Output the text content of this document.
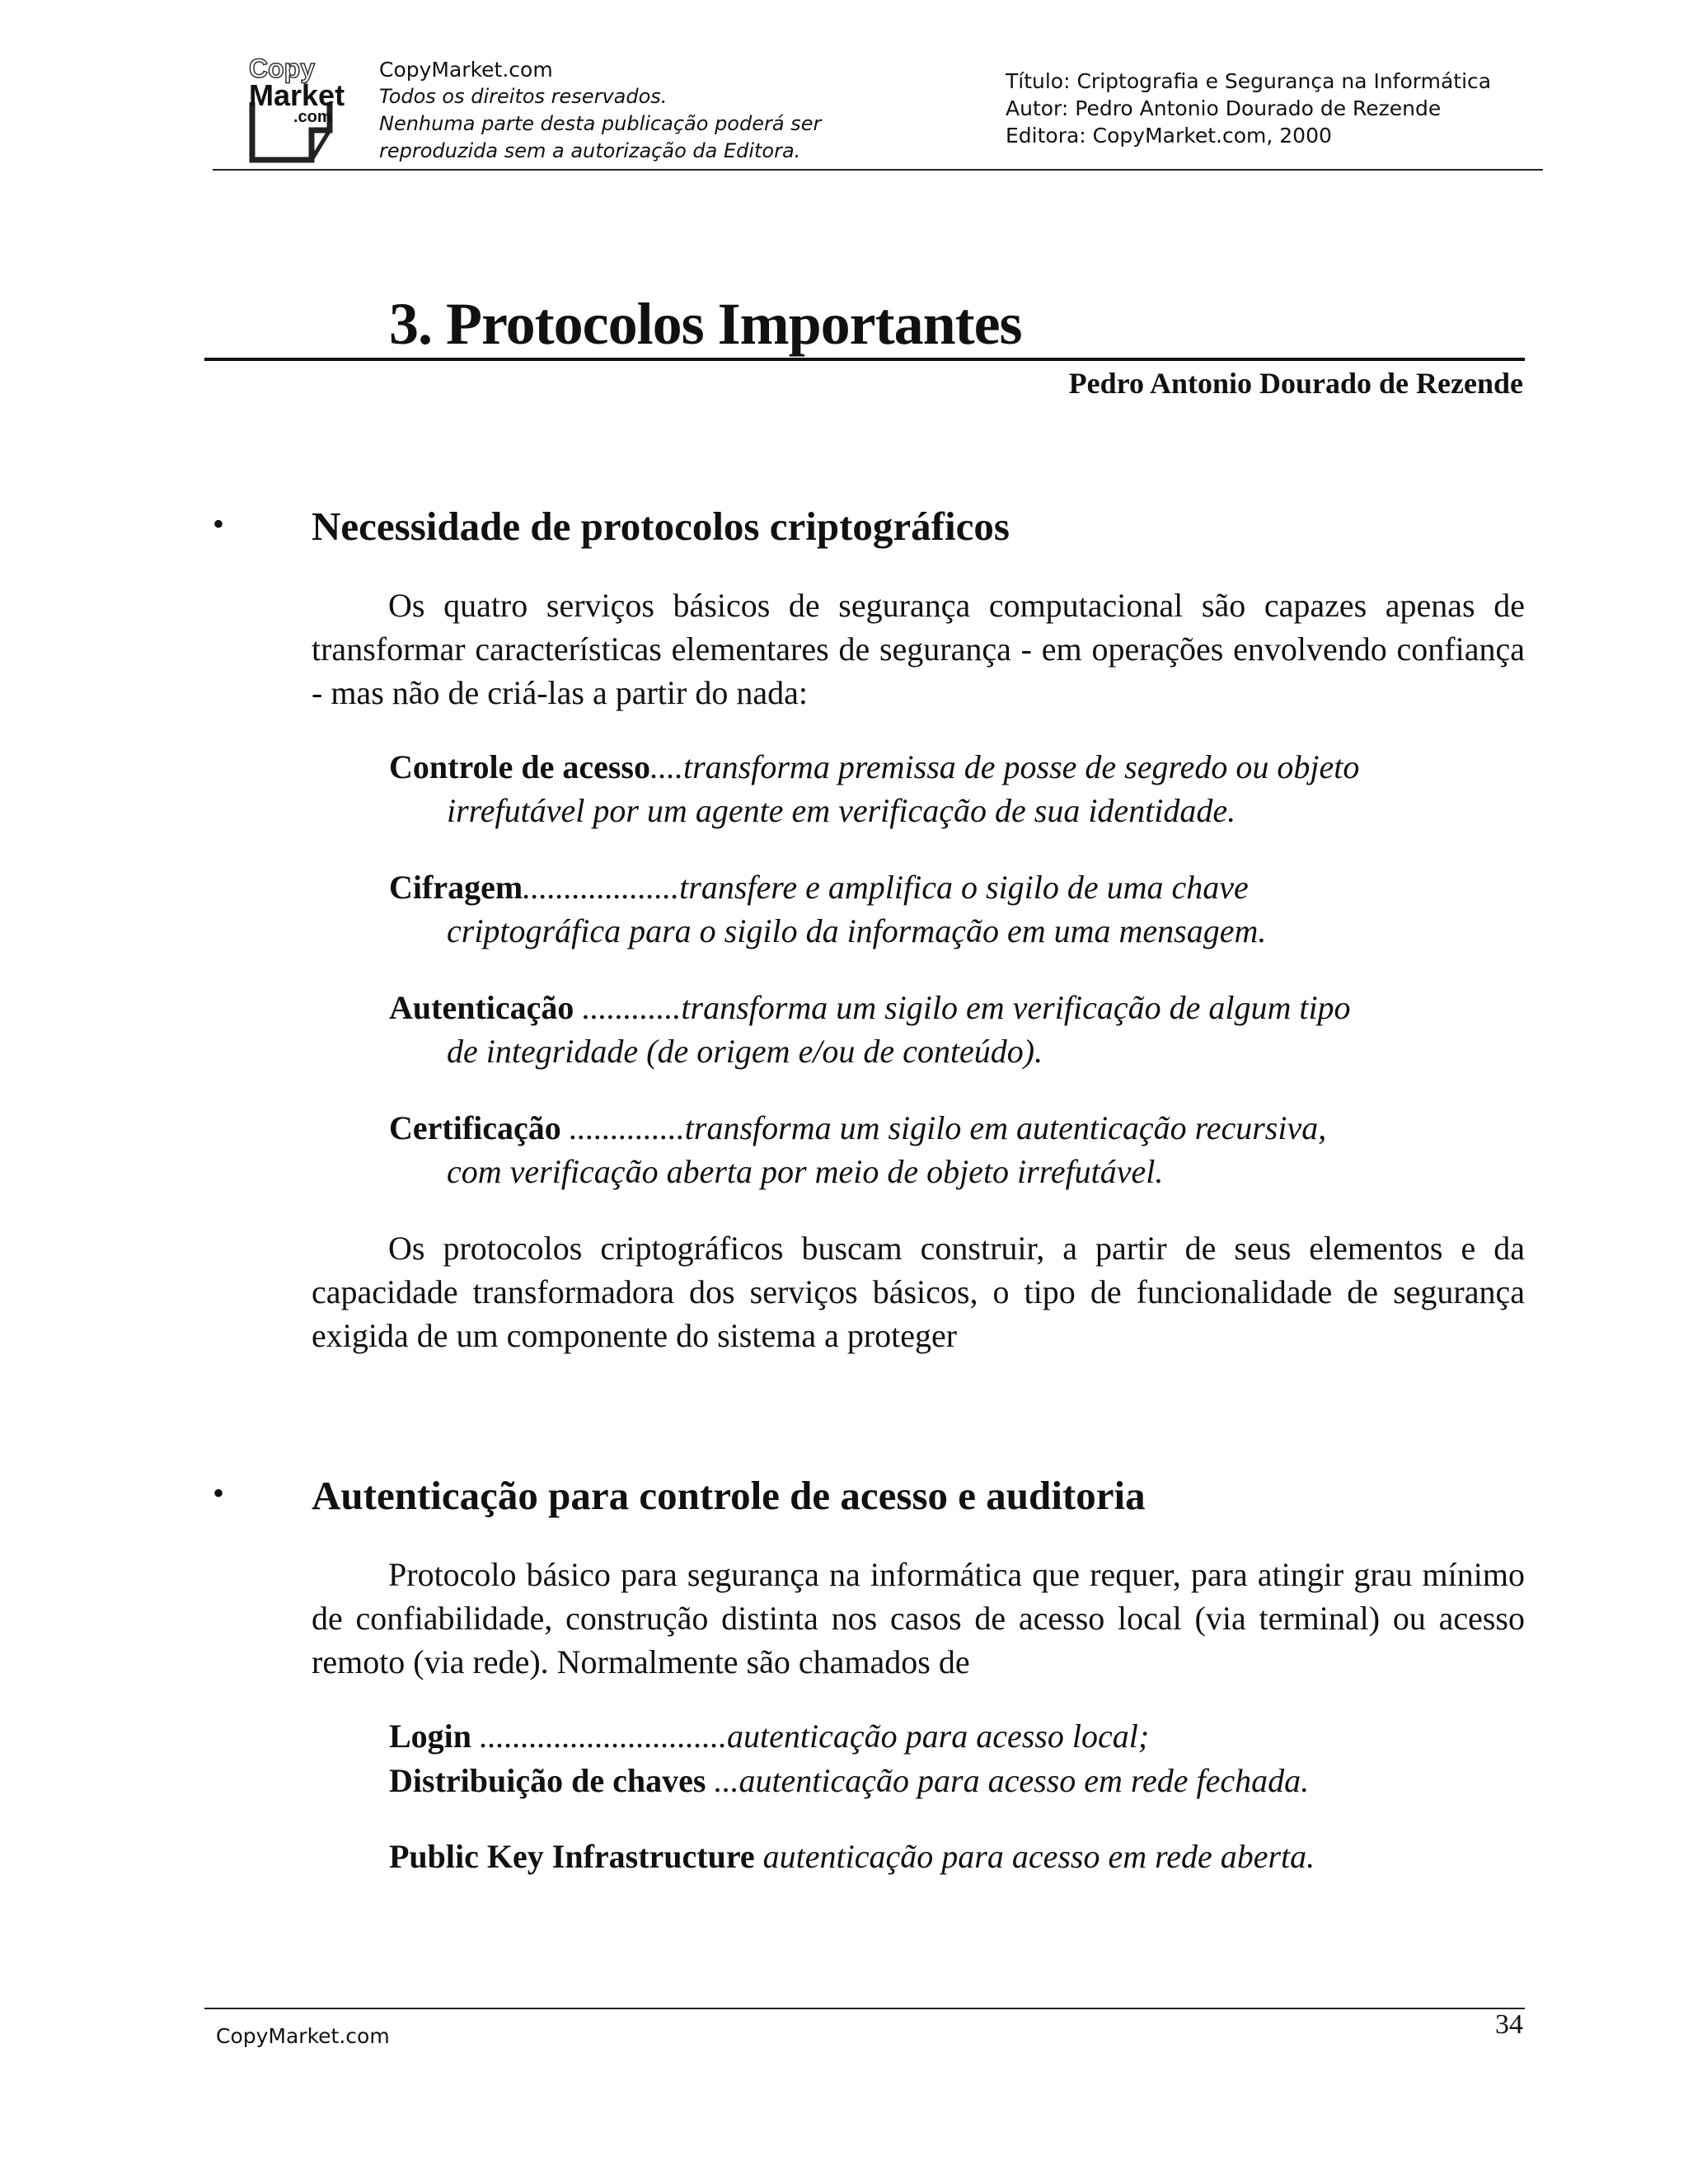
Copy
Market
.com
CopyMarket.com
Todos os direitos reservados.
Nenhuma parte desta publicação poderá ser
reproduzida sem a autorização da Editora.
Título: Criptografia e Segurança na Informática
Autor: Pedro Antonio Dourado de Rezende
Editora: CopyMarket.com, 2000
3. Protocolos Importantes
Pedro Antonio Dourado de Rezende
• Necessidade de protocolos criptográficos
Os quatro serviços básicos de segurança computacional são capazes apenas de transformar características elementares de segurança - em operações envolvendo confiança - mas não de criá-las a partir do nada:
Controle de acesso....transforma premissa de posse de segredo ou objeto
irrefutável por um agente em verificação de sua identidade.
Cifragem...................transfere e amplifica o sigilo de uma chave
criptográfica para o sigilo da informação em uma mensagem.
Autenticação ............transforma um sigilo em verificação de algum tipo
de integridade (de origem e/ou de conteúdo).
Certificação ..............transforma um sigilo em autenticação recursiva,
com verificação aberta por meio de objeto irrefutável.
Os protocolos criptográficos buscam construir, a partir de seus elementos e da capacidade transformadora dos serviços básicos, o tipo de funcionalidade de segurança exigida de um componente do sistema a proteger
• Autenticação para controle de acesso e auditoria
Protocolo básico para segurança na informática que requer, para atingir grau mínimo de confiabilidade, construção distinta nos casos de acesso local (via terminal) ou acesso remoto (via rede). Normalmente são chamados de
Login ..............................autenticação para acesso local;
Distribuição de chaves ...autenticação para acesso em rede fechada.
Public Key Infrastructure autenticação para acesso em rede aberta.
34
CopyMarket.com
